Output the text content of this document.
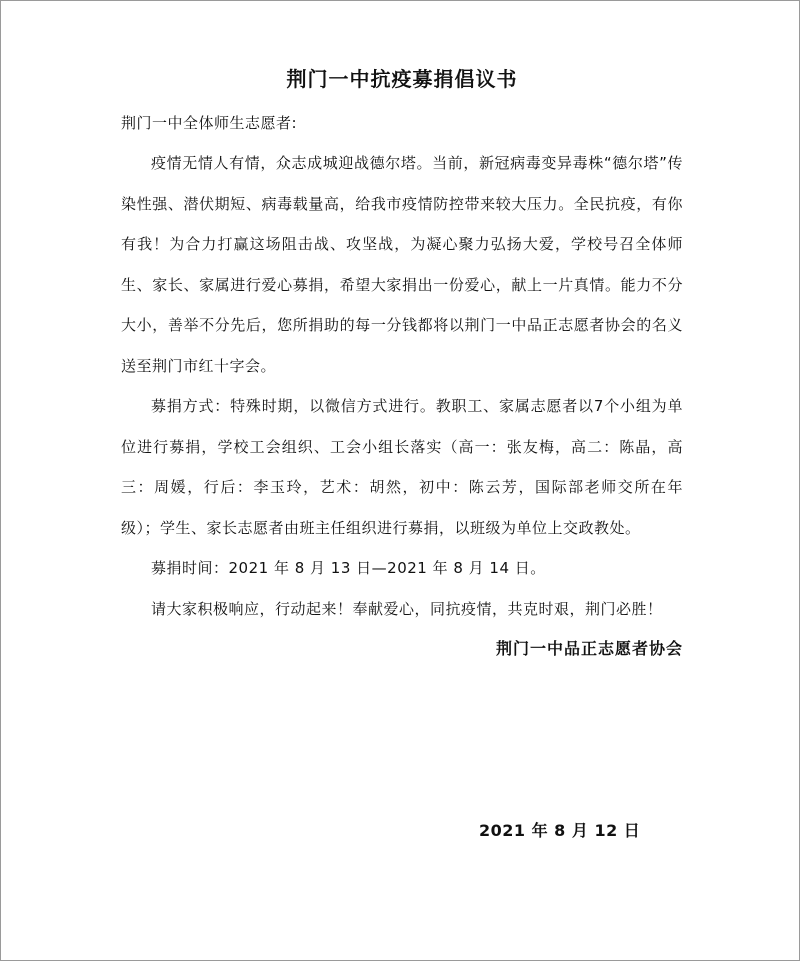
荆门一中抗疫募捐倡议书

荆门一中全体师生志愿者:

疫情无情人有情，众志成城迎战德尔塔。当前，新冠病毒变异毒株“德尔塔”传染性强、潜伏期短、病毒载量高，给我市疫情防控带来较大压力。全民抗疫，有你有我！为合力打赢这场阻击战、攻坚战，为凝心聚力弘扬大爱，学校号召全体师生、家长、家属进行爱心募捐，希望大家捐出一份爱心，献上一片真情。能力不分大小，善举不分先后，您所捐助的每一分钱都将以荆门一中品正志愿者协会的名义送至荆门市红十字会。

募捐方式：特殊时期，以微信方式进行。教职工、家属志愿者以7个小组为单位进行募捐，学校工会组织、工会小组长落实（高一：张友梅，高二：陈晶，高三：周媛，行后：李玉玲，艺术：胡然，初中：陈云芳，国际部老师交所在年级）；学生、家长志愿者由班主任组织进行募捐，以班级为单位上交政教处。

募捐时间：2021 年 8 月 13 日—2021 年 8 月 14 日。

请大家积极响应，行动起来！奉献爱心，同抗疫情，共克时艰，荆门必胜！

荆门一中品正志愿者协会

2021 年 8 月 12 日
